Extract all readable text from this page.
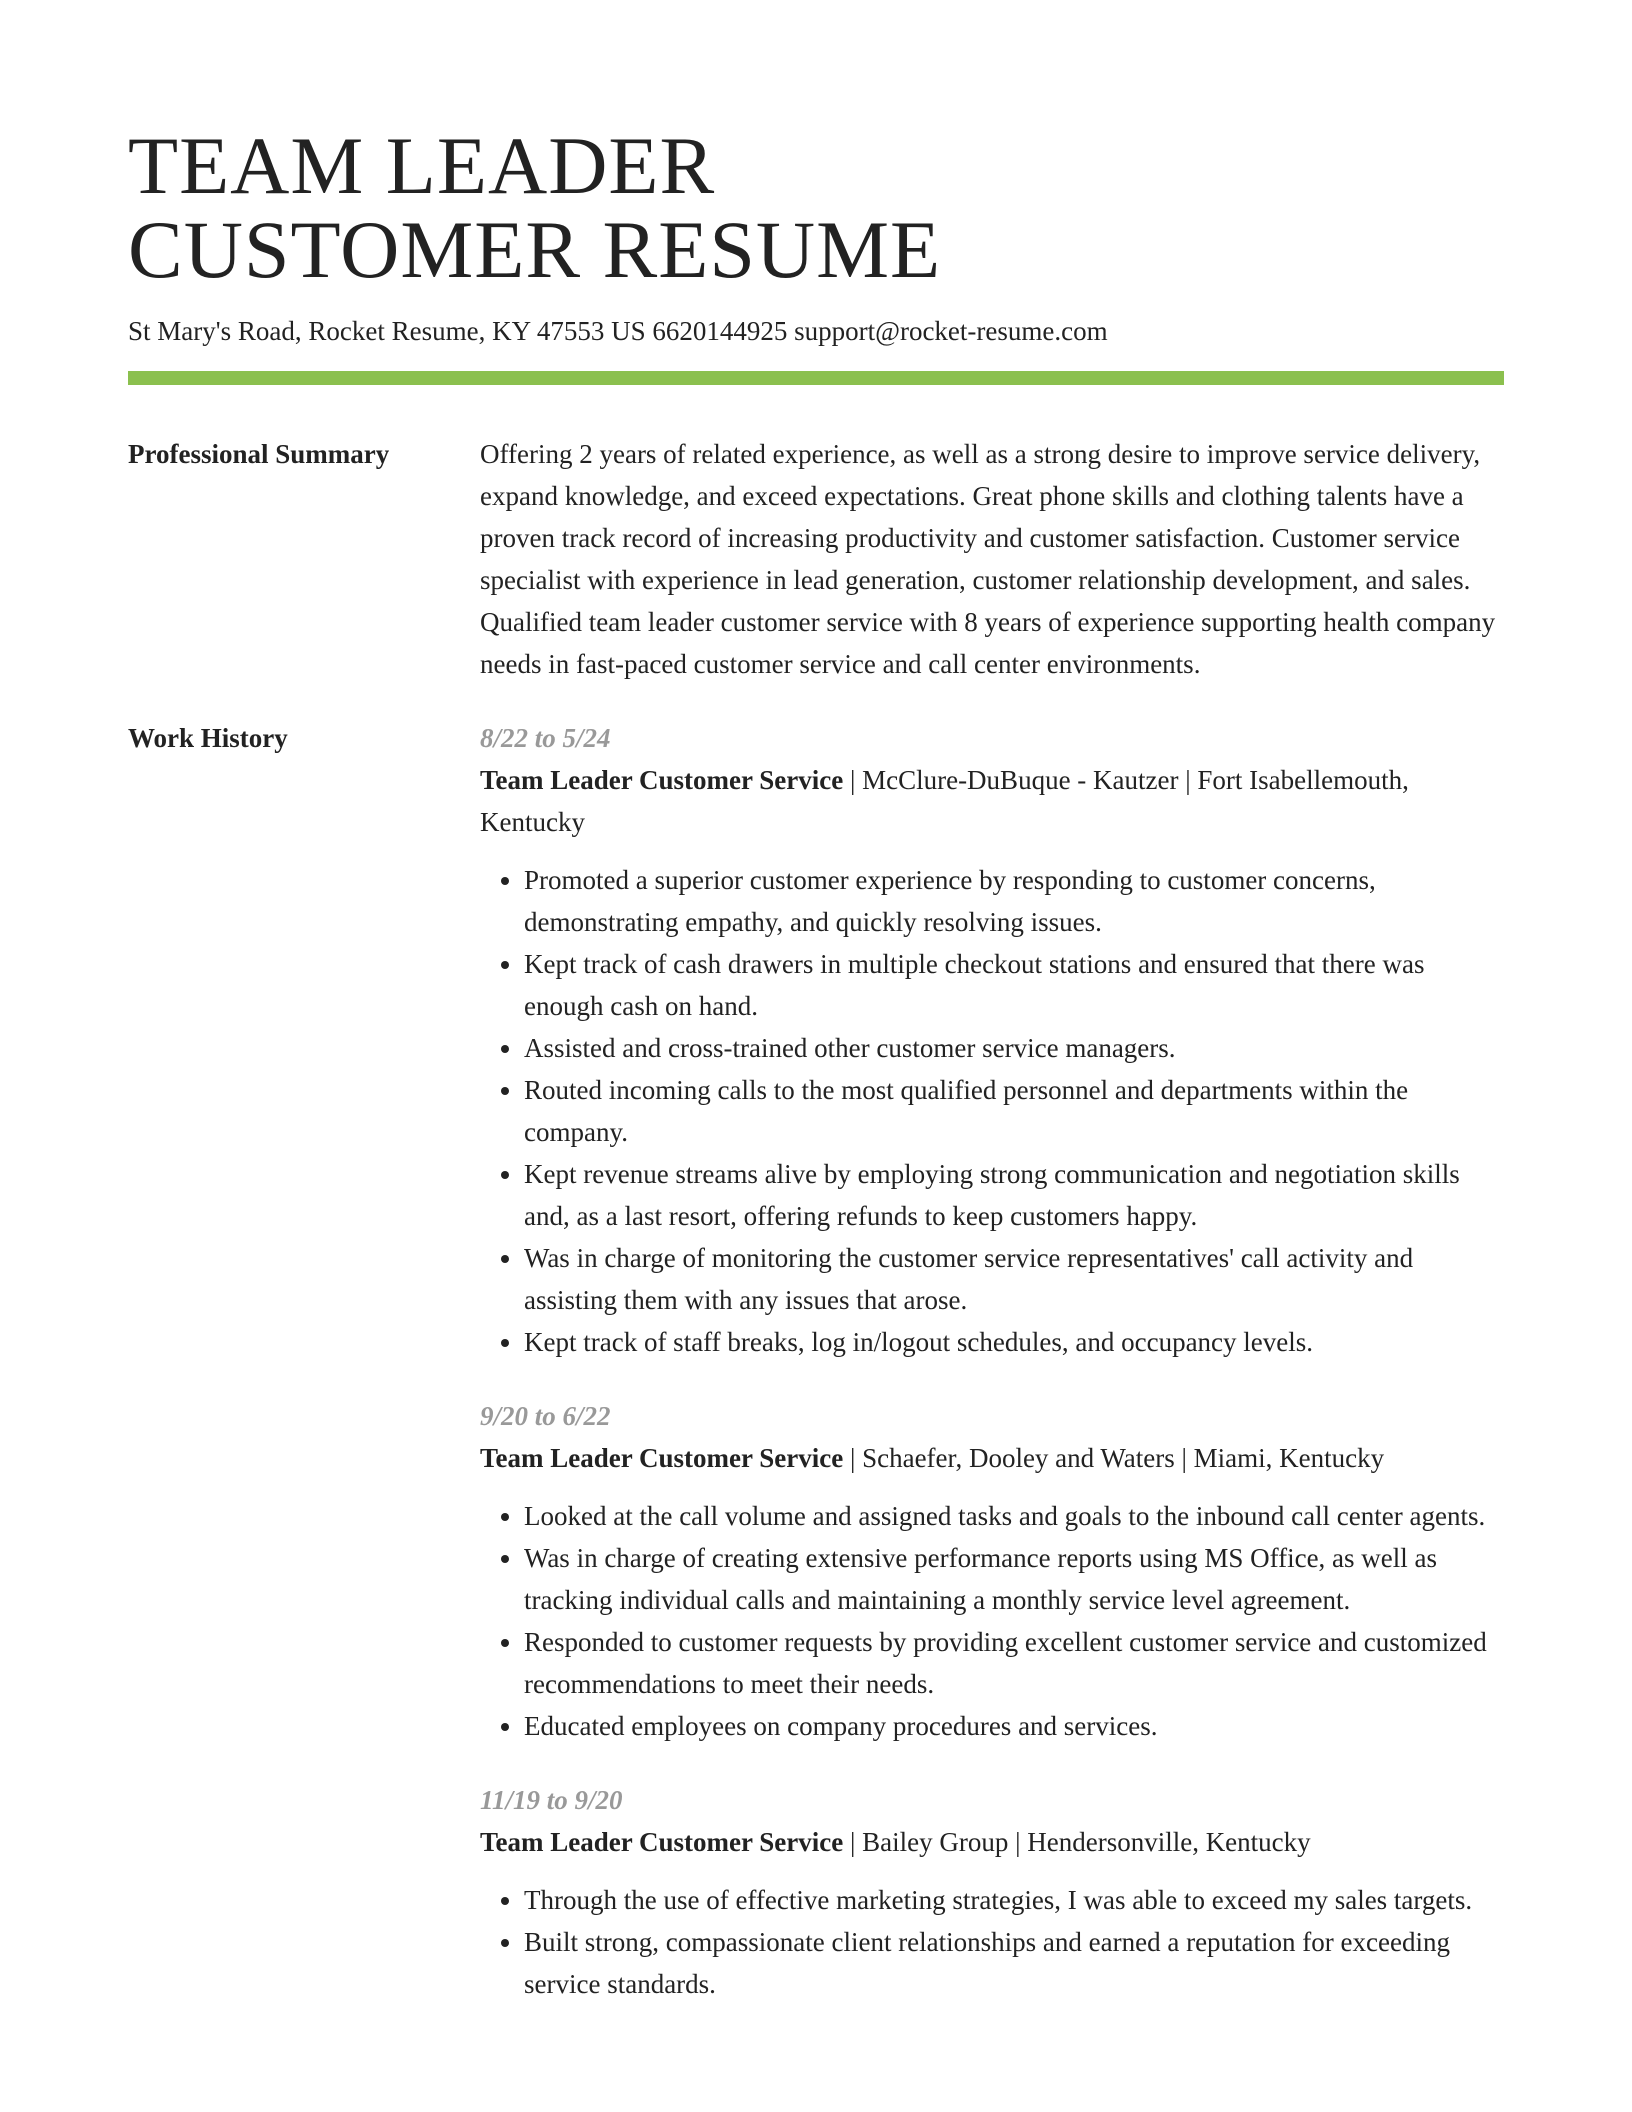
TEAM LEADER
CUSTOMER RESUME
St Mary's Road, Rocket Resume, KY 47553 US 6620144925 support@rocket-resume.com
Professional Summary	Offering 2 years of related experience, as well as a strong desire to improve service delivery, expand knowledge, and exceed expectations. Great phone skills and clothing talents have a proven track record of increasing productivity and customer satisfaction. Customer service specialist with experience in lead generation, customer relationship development, and sales. Qualified team leader customer service with 8 years of experience supporting health company needs in fast-paced customer service and call center environments.

Work History	8/22 to 5/24
Team Leader Customer Service | McClure-DuBuque - Kautzer | Fort Isabellemouth, Kentucky
• Promoted a superior customer experience by responding to customer concerns, demonstrating empathy, and quickly resolving issues.
• Kept track of cash drawers in multiple checkout stations and ensured that there was enough cash on hand.
• Assisted and cross-trained other customer service managers.
• Routed incoming calls to the most qualified personnel and departments within the company.
• Kept revenue streams alive by employing strong communication and negotiation skills and, as a last resort, offering refunds to keep customers happy.
• Was in charge of monitoring the customer service representatives' call activity and assisting them with any issues that arose.
• Kept track of staff breaks, log in/logout schedules, and occupancy levels.
9/20 to 6/22
Team Leader Customer Service | Schaefer, Dooley and Waters | Miami, Kentucky
• Looked at the call volume and assigned tasks and goals to the inbound call center agents.
• Was in charge of creating extensive performance reports using MS Office, as well as tracking individual calls and maintaining a monthly service level agreement.
• Responded to customer requests by providing excellent customer service and customized recommendations to meet their needs.
• Educated employees on company procedures and services.
11/19 to 9/20
Team Leader Customer Service | Bailey Group | Hendersonville, Kentucky
• Through the use of effective marketing strategies, I was able to exceed my sales targets.
• Built strong, compassionate client relationships and earned a reputation for exceeding service standards.
